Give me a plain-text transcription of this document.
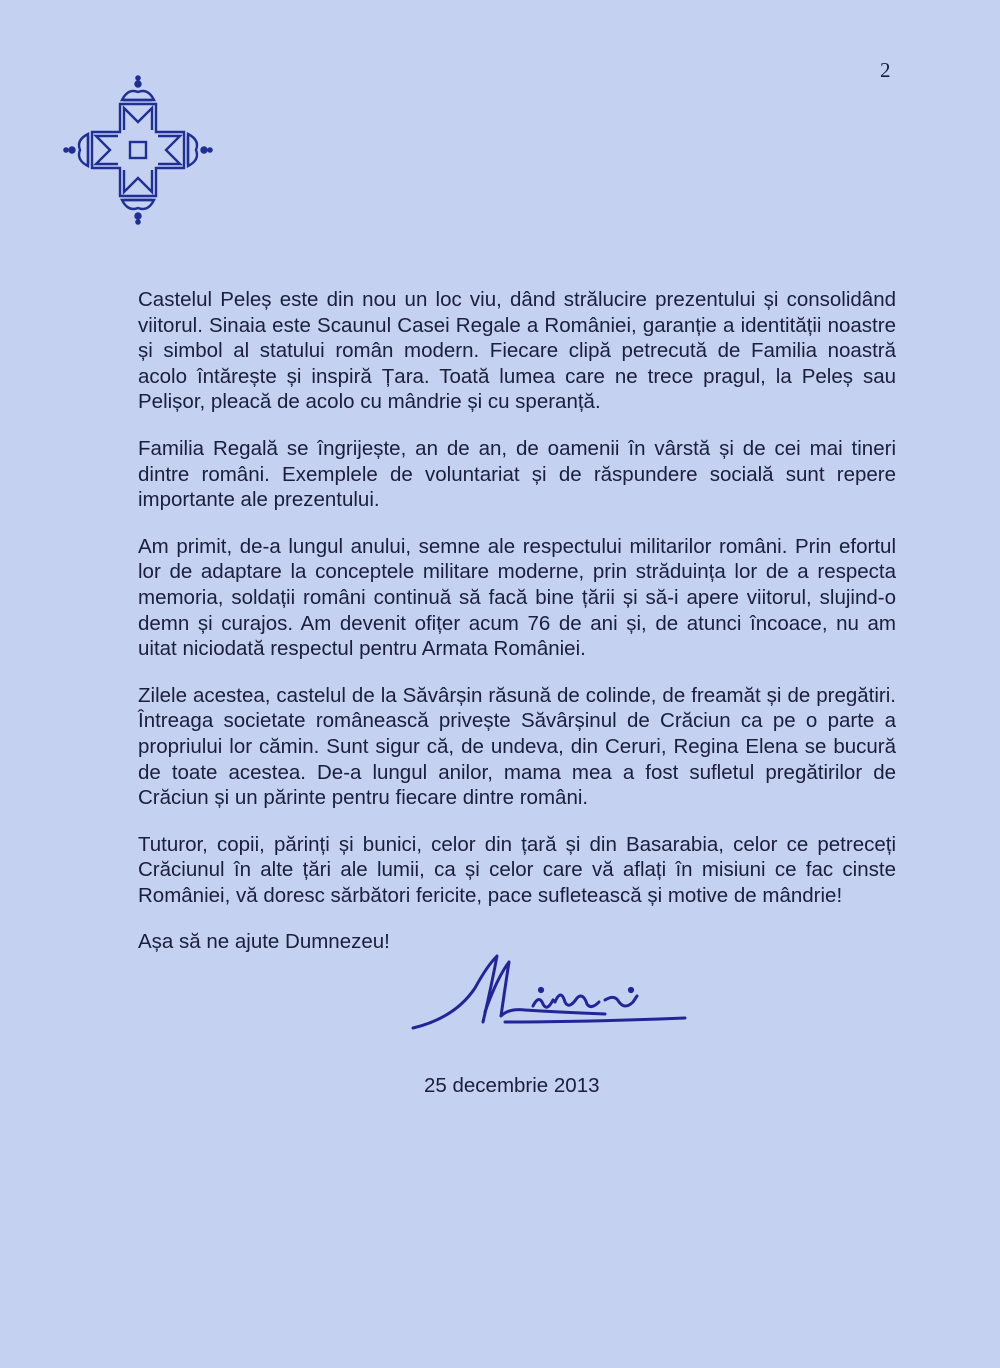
2

Castelul Peleș este din nou un loc viu, dând strălucire prezentului și consolidând viitorul. Sinaia este Scaunul Casei Regale a României, garanție a identității noastre și simbol al statului român modern. Fiecare clipă petrecută de Familia noastră acolo întărește și inspiră Țara. Toată lumea care ne trece pragul, la Peleș sau Pelișor, pleacă de acolo cu mândrie și cu speranță.

Familia Regală se îngrijește, an de an, de oamenii în vârstă și de cei mai tineri dintre români. Exemplele de voluntariat și de răspundere socială sunt repere importante ale prezentului.

Am primit, de-a lungul anului, semne ale respectului militarilor români. Prin efortul lor de adaptare la conceptele militare moderne, prin străduința lor de a respecta memoria, soldații români continuă să facă bine țării și să-i apere viitorul, slujind-o demn și curajos. Am devenit ofițer acum 76 de ani și, de atunci încoace, nu am uitat niciodată respectul pentru Armata României.

Zilele acestea, castelul de la Săvârșin răsună de colinde, de freamăt și de pregătiri. Întreaga societate românească privește Săvârșinul de Crăciun ca pe o parte a propriului lor cămin. Sunt sigur că, de undeva, din Ceruri, Regina Elena se bucură de toate acestea. De-a lungul anilor, mama mea a fost sufletul pregătirilor de Crăciun și un părinte pentru fiecare dintre români.

Tuturor, copii, părinți și bunici, celor din țară și din Basarabia, celor ce petreceți Crăciunul în alte țări ale lumii, ca și celor care vă aflați în misiuni ce fac cinste României, vă doresc sărbători fericite, pace sufletească și motive de mândrie!

Așa să ne ajute Dumnezeu!

25 decembrie 2013
